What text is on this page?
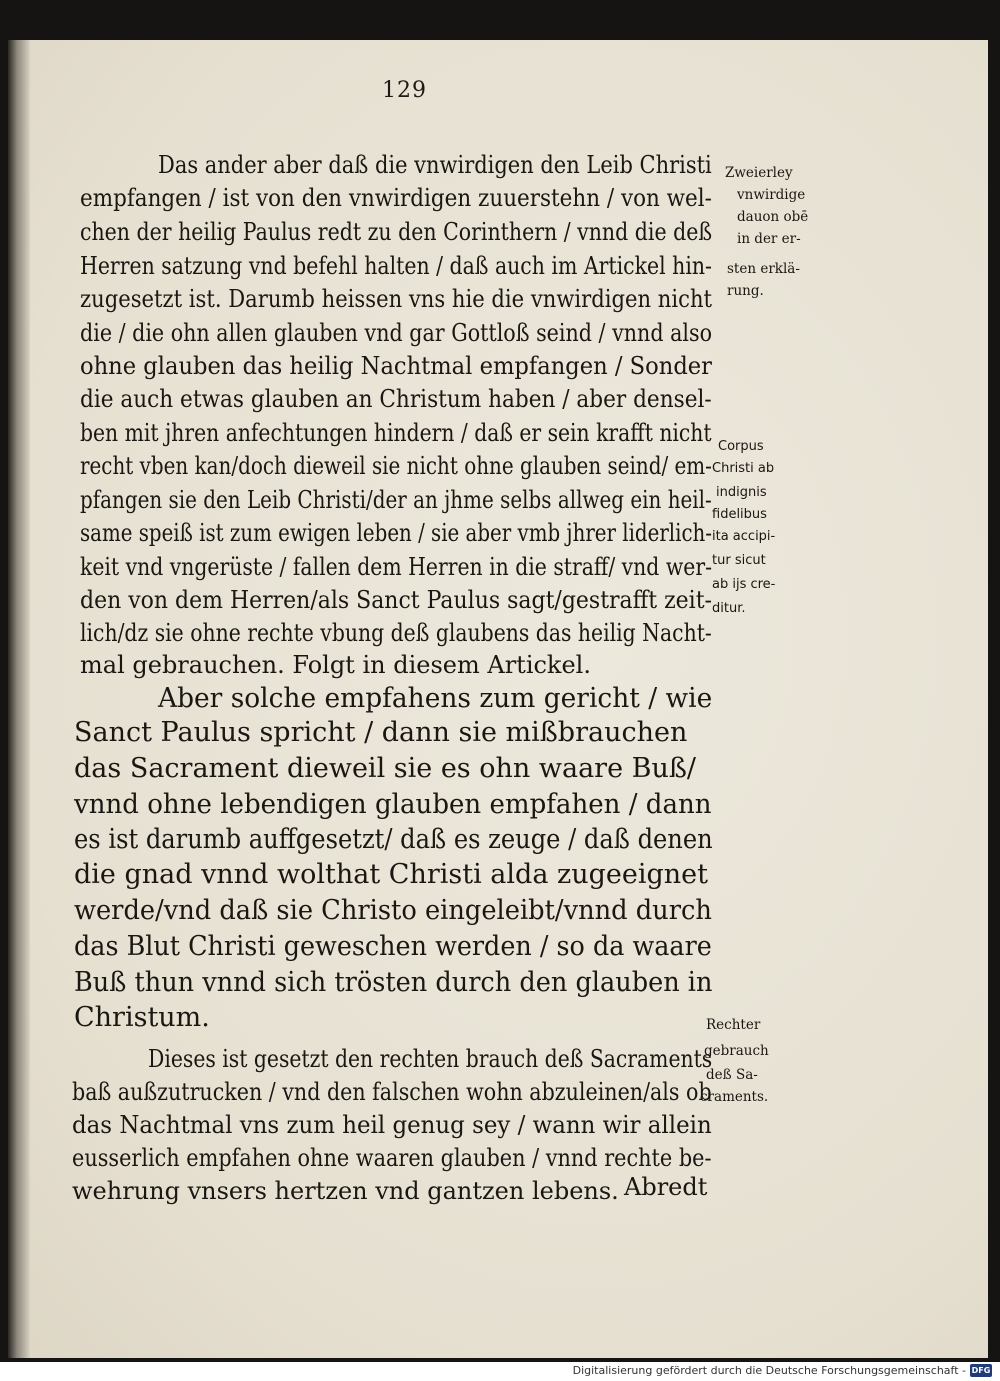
129
Das ander aber daß die vnwirdigen den Leib Christi
empfangen / ist von den vnwirdigen zuuerstehn / von wel-
chen der heilig Paulus redt zu den Corinthern / vnnd die deß
Herren satzung vnd befehl halten / daß auch im Artickel hin-
zugesetzt ist. Darumb heissen vns hie die vnwirdigen nicht
die / die ohn allen glauben vnd gar Gottloß seind / vnnd also
ohne glauben das heilig Nachtmal empfangen / Sonder
die auch etwas glauben an Christum haben / aber densel-
ben mit jhren anfechtungen hindern / daß er sein krafft nicht
recht vben kan/doch dieweil sie nicht ohne glauben seind/ em-
pfangen sie den Leib Christi/der an jhme selbs allweg ein heil-
same speiß ist zum ewigen leben / sie aber vmb jhrer liderlich-
keit vnd vngerüste / fallen dem Herren in die straff/ vnd wer-
den von dem Herren/als Sanct Paulus sagt/gestrafft zeit-
lich/dz sie ohne rechte vbung deß glaubens das heilig Nacht-
mal gebrauchen. Folgt in diesem Artickel.
Aber solche empfahens zum gericht / wie
Sanct Paulus spricht / dann sie mißbrauchen
das Sacrament dieweil sie es ohn waare Buß/
vnnd ohne lebendigen glauben empfahen / dann
es ist darumb auffgesetzt/ daß es zeuge / daß denen
die gnad vnnd wolthat Christi alda zugeeignet
werde/vnd daß sie Christo eingeleibt/vnnd durch
das Blut Christi geweschen werden / so da waare
Buß thun vnnd sich trösten durch den glauben in
Christum.
Dieses ist gesetzt den rechten brauch deß Sacraments
baß außzutrucken / vnd den falschen wohn abzuleinen/als ob
das Nachtmal vns zum heil genug sey / wann wir allein
eusserlich empfahen ohne waaren glauben / vnnd rechte be-
wehrung vnsers hertzen vnd gantzen lebens.
Zweierley
vnwirdige
dauon obē
in der er-
sten erklä-
rung.
Corpus
Christi ab
indignis
fidelibus
ita accipi-
tur sicut
ab ijs cre-
ditur.
Rechter
gebrauch
deß Sa-
craments.
Abredt
Digitalisierung gefördert durch die Deutsche Forschungsgemeinschaft - DFG
